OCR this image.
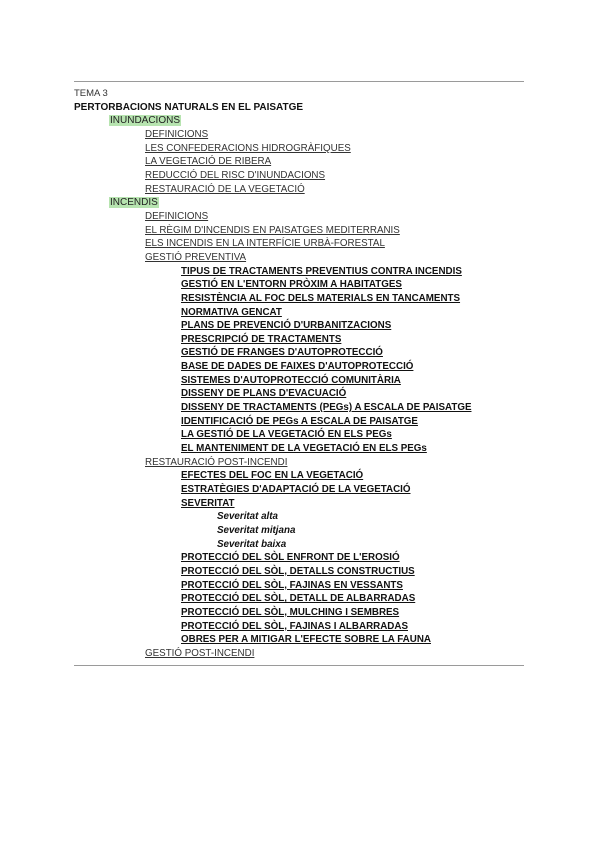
TEMA 3
PERTORBACIONS NATURALS EN EL PAISATGE
INUNDACIONS
DEFINICIONS
LES CONFEDERACIONS HIDROGRÀFIQUES
LA VEGETACIÓ DE RIBERA
REDUCCIÓ DEL RISC D'INUNDACIONS
RESTAURACIÓ DE LA VEGETACIÓ
INCENDIS
DEFINICIONS
EL RÈGIM D'INCENDIS EN PAISATGES MEDITERRANIS
ELS INCENDIS EN LA INTERFÍCIE URBÀ-FORESTAL
GESTIÓ PREVENTIVA
TIPUS DE TRACTAMENTS PREVENTIUS CONTRA INCENDIS
GESTIÓ EN L'ENTORN PRÒXIM A HABITATGES
RESISTÈNCIA AL FOC DELS MATERIALS EN TANCAMENTS
NORMATIVA GENCAT
PLANS DE PREVENCIÓ D'URBANITZACIONS
PRESCRIPCIÓ DE TRACTAMENTS
GESTIÓ DE FRANGES D'AUTOPROTECCIÓ
BASE DE DADES DE FAIXES D'AUTOPROTECCIÓ
SISTEMES D'AUTOPROTECCIÓ COMUNITÀRIA
DISSENY DE PLANS D'EVACUACIÓ
DISSENY DE TRACTAMENTS (PEGs) A ESCALA DE PAISATGE
IDENTIFICACIÓ DE PEGs A ESCALA DE PAISATGE
LA GESTIÓ DE LA VEGETACIÓ EN ELS PEGs
EL MANTENIMENT DE LA VEGETACIÓ EN ELS PEGs
RESTAURACIÓ POST-INCENDI
EFECTES DEL FOC EN LA VEGETACIÓ
ESTRATÈGIES D'ADAPTACIÓ DE LA VEGETACIÓ
SEVERITAT
Severitat alta
Severitat mitjana
Severitat baixa
PROTECCIÓ DEL SÒL ENFRONT DE L'EROSIÓ
PROTECCIÓ DEL SÒL, DETALLS CONSTRUCTIUS
PROTECCIÓ DEL SÒL, FAJINAS EN VESSANTS
PROTECCIÓ DEL SÒL, DETALL DE ALBARRADAS
PROTECCIÓ DEL SÒL, MULCHING I SEMBRES
PROTECCIÓ DEL SÒL, FAJINAS I ALBARRADAS
OBRES PER A MITIGAR L'EFECTE SOBRE LA FAUNA
GESTIÓ POST-INCENDI
